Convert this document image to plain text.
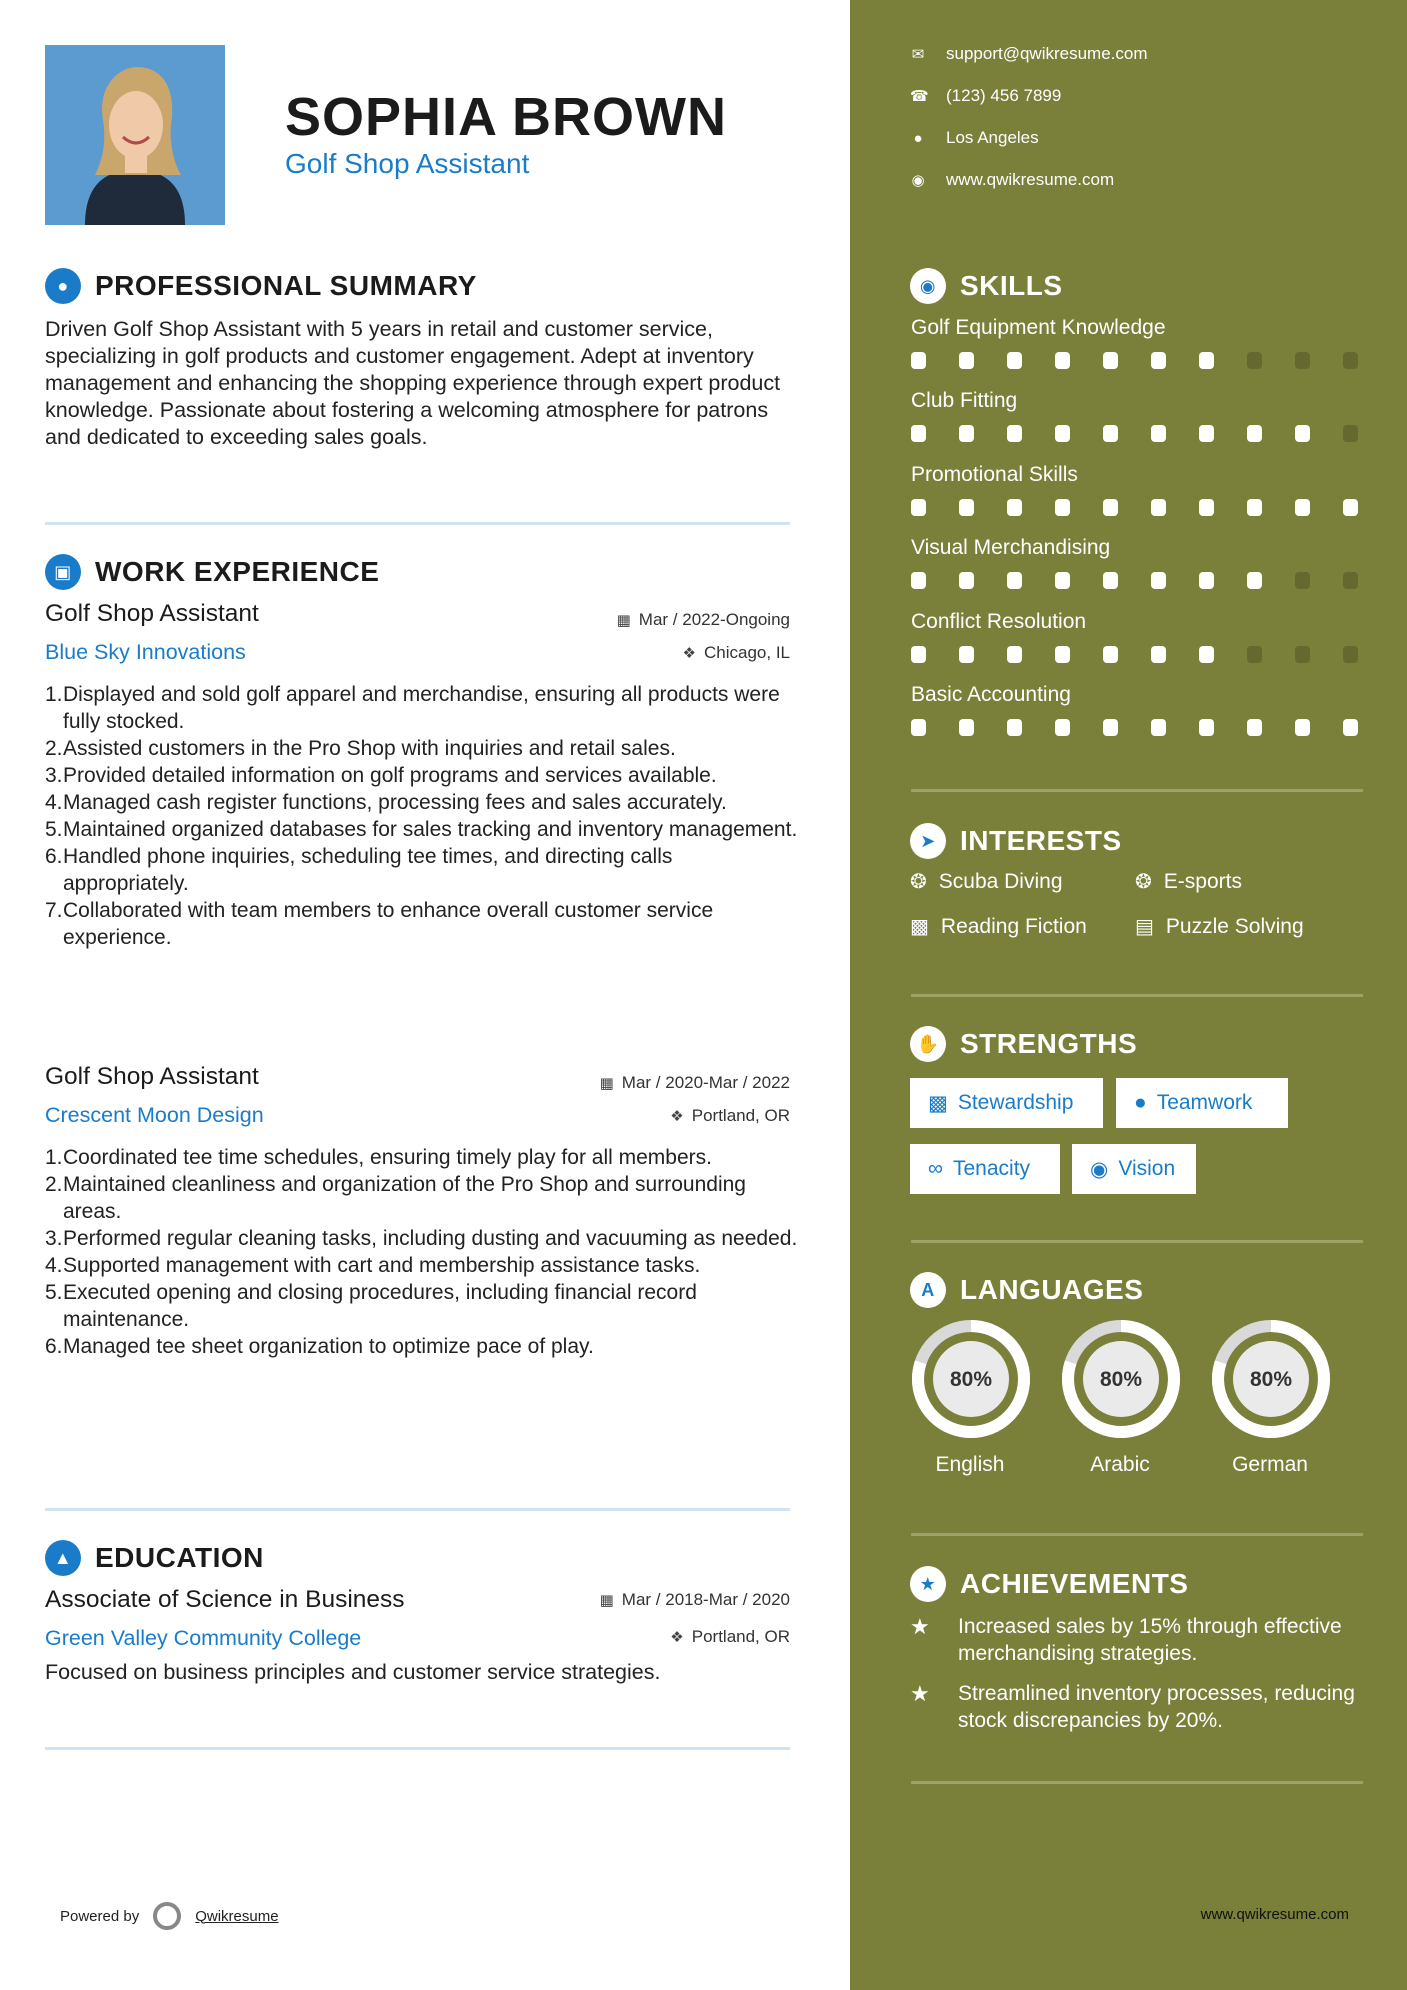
SOPHIA BROWN
Golf Shop Assistant
● PROFESSIONAL SUMMARY
Driven Golf Shop Assistant with 5 years in retail and customer service, specializing in golf products and customer engagement. Adept at inventory management and enhancing the shopping experience through expert product knowledge. Passionate about fostering a welcoming atmosphere for patrons and dedicated to exceeding sales goals.
▣ WORK EXPERIENCE
Golf Shop Assistant
Blue Sky Innovations
▦ Mar / 2022-Ongoing
❖ Chicago, IL
1. Displayed and sold golf apparel and merchandise, ensuring all products were fully stocked.
2. Assisted customers in the Pro Shop with inquiries and retail sales.
3. Provided detailed information on golf programs and services available.
4. Managed cash register functions, processing fees and sales accurately.
5. Maintained organized databases for sales tracking and inventory management.
6. Handled phone inquiries, scheduling tee times, and directing calls appropriately.
7. Collaborated with team members to enhance overall customer service experience.
Golf Shop Assistant
Crescent Moon Design
▦ Mar / 2020-Mar / 2022
❖ Portland, OR
1. Coordinated tee time schedules, ensuring timely play for all members.
2. Maintained cleanliness and organization of the Pro Shop and surrounding areas.
3. Performed regular cleaning tasks, including dusting and vacuuming as needed.
4. Supported management with cart and membership assistance tasks.
5. Executed opening and closing procedures, including financial record maintenance.
6. Managed tee sheet organization to optimize pace of play.
▲ EDUCATION
Associate of Science in Business
Green Valley Community College
▦ Mar / 2018-Mar / 2020
❖ Portland, OR
Focused on business principles and customer service strategies.
Powered by	Qwikresume
✉ support@qwikresume.com
☎ (123) 456 7899
● Los Angeles
◉ www.qwikresume.com
◉ SKILLS
Golf Equipment Knowledge
Club Fitting
Promotional Skills
Visual Merchandising
Conflict Resolution
Basic Accounting
➤ INTERESTS
❂ Scuba Diving	❂ E-sports
▩ Reading Fiction ▤ Puzzle Solving
✋ STRENGTHS
▩ Stewardship	● Teamwork
∞ Tenacity	◉ Vision
A LANGUAGES
80%
English
80%
Arabic
80%
German
★ ACHIEVEMENTS
★	Increased sales by 15% through effective merchandising strategies.
★	Streamlined inventory processes, reducing stock discrepancies by 20%.
www.qwikresume.com
